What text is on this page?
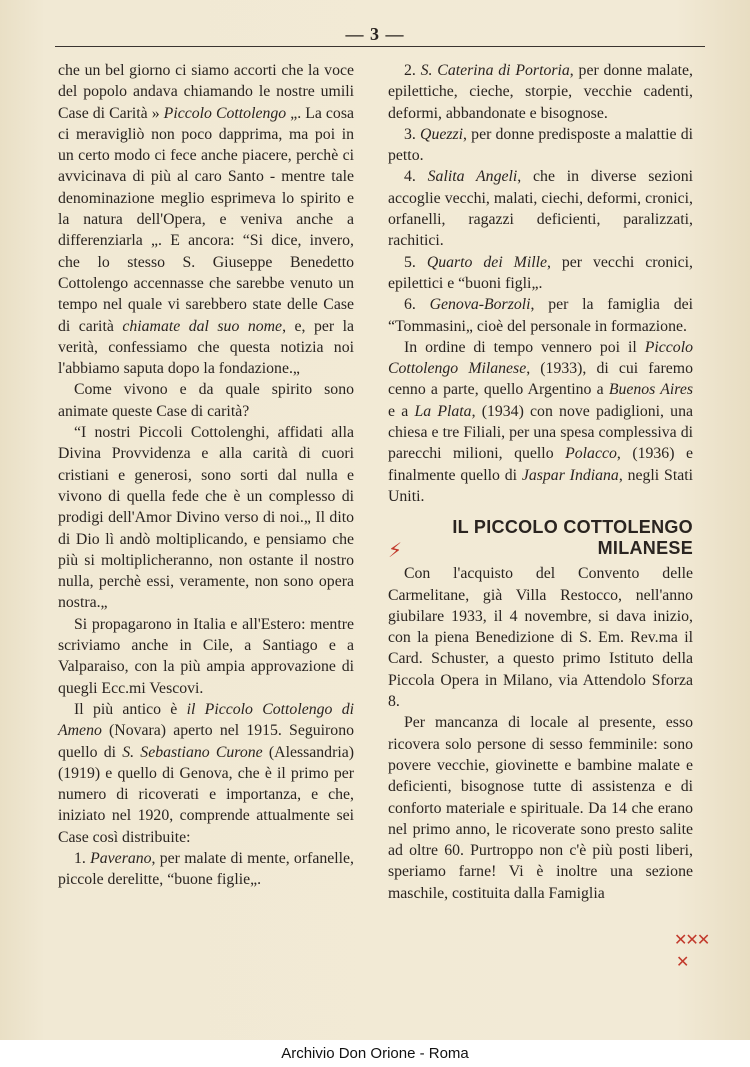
— 3 —

che un bel giorno ci siamo accorti che la voce del popolo andava chiamando le nostre umili Case di Carità » Piccolo Cottolengo „. La cosa ci meravigliò non poco dapprima, ma poi in un certo modo ci fece anche piacere, perchè ci avvicinava di più al caro Santo - mentre tale denominazione meglio esprimeva lo spirito e la natura dell'Opera, e veniva anche a differenziarla „. E ancora: “Si dice, invero, che lo stesso S. Giuseppe Benedetto Cottolengo accennasse che sarebbe venuto un tempo nel quale vi sarebbero state delle Case di carità chiamate dal suo nome, e, per la verità, confessiamo che questa notizia noi l'abbiamo saputa dopo la fondazione.„

Come vivono e da quale spirito sono animate queste Case di carità?

“I nostri Piccoli Cottolenghi, affidati alla Divina Provvidenza e alla carità di cuori cristiani e generosi, sono sorti dal nulla e vivono di quella fede che è un complesso di prodigi dell'Amor Divino verso di noi.„ Il dito di Dio lì andò moltiplicando, e pensiamo che più si moltiplicheranno, non ostante il nostro nulla, perchè essi, veramente, non sono opera nostra.„

Si propagarono in Italia e all'Estero: mentre scriviamo anche in Cile, a Santiago e a Valparaiso, con la più ampia approvazione di quegli Ecc.mi Vescovi.

Il più antico è il Piccolo Cottolengo di Ameno (Novara) aperto nel 1915. Seguirono quello di S. Sebastiano Curone (Alessandria) (1919) e quello di Genova, che è il primo per numero di ricoverati e importanza, e che, iniziato nel 1920, comprende attualmente sei Case così distribuite:

1. Paverano, per malate di mente, orfanelle, piccole derelitte, “buone figlie„.

2. S. Caterina di Portoria, per donne malate, epilettiche, cieche, storpie, vecchie cadenti, deformi, abbandonate e bisognose.

3. Quezzi, per donne predisposte a malattie di petto.

4. Salita Angeli, che in diverse sezioni accoglie vecchi, malati, ciechi, deformi, cronici, orfanelli, ragazzi deficienti, paralizzati, rachitici.

5. Quarto dei Mille, per vecchi cronici, epilettici e “buoni figli„.

6. Genova-Borzoli, per la famiglia dei “Tommasini„ cioè del personale in formazione.

In ordine di tempo vennero poi il Piccolo Cottolengo Milanese, (1933), di cui faremo cenno a parte, quello Argentino a Buenos Aires e a La Plata, (1934) con nove padiglioni, una chiesa e tre Filiali, per una spesa complessiva di parecchi milioni, quello Polacco, (1936) e finalmente quello di Jaspar Indiana, negli Stati Uniti.

⚡
IL PICCOLO COTTOLENGO
MILANESE

Con l'acquisto del Convento delle Carmelitane, già Villa Restocco, nell'anno giubilare 1933, il 4 novembre, si dava inizio, con la piena Benedizione di S. Em. Rev.ma il Card. Schuster, a questo primo Istituto della Piccola Opera in Milano, via Attendolo Sforza 8.

Per mancanza di locale al presente, esso ricovera solo persone di sesso femminile: sono povere vecchie, giovinette e bambine malate e deficienti, bisognose tutte di assistenza e di conforto materiale e spirituale. Da 14 che erano nel primo anno, le ricoverate sono presto salite ad oltre 60. Purtroppo non c'è più posti liberi, speriamo farne! Vi è inoltre una sezione maschile, costituita dalla Famiglia

✕✕✕
✕
Archivio Don Orione - Roma
